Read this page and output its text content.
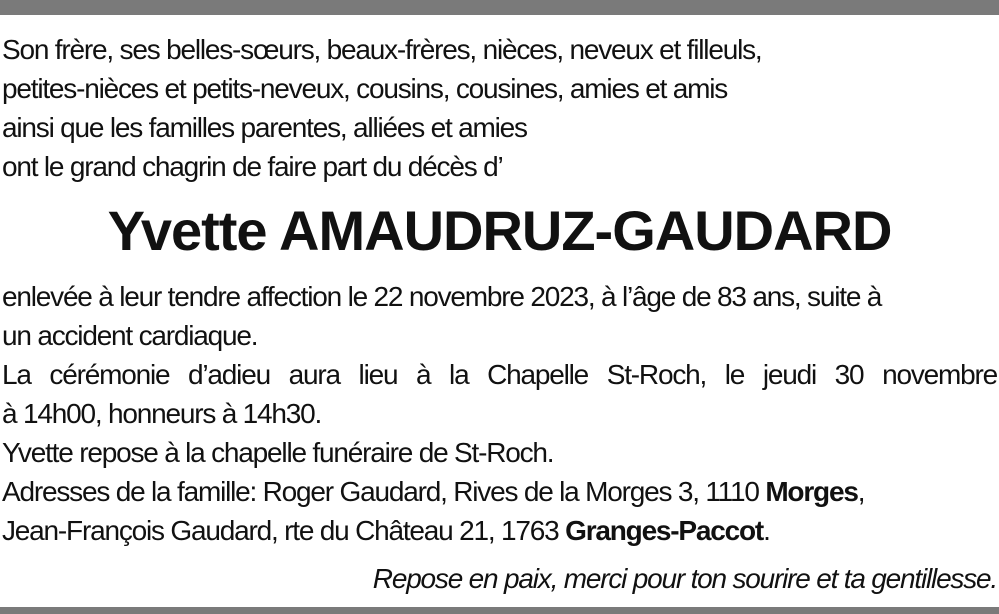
Son frère, ses belles-sœurs, beaux-frères, nièces, neveux et filleuls,
petites-nièces et petits-neveux, cousins, cousines, amies et amis
ainsi que les familles parentes, alliées et amies
ont le grand chagrin de faire part du décès d’
Yvette AMAUDRUZ-GAUDARD
enlevée à leur tendre affection le 22 novembre 2023, à l’âge de 83 ans, suite à
un accident cardiaque.
La cérémonie d’adieu aura lieu à la Chapelle St-Roch, le jeudi 30 novembre
à 14h00, honneurs à 14h30.
Yvette repose à la chapelle funéraire de St-Roch.
Adresses de la famille: Roger Gaudard, Rives de la Morges 3, 1110 Morges,
Jean-François Gaudard, rte du Château 21, 1763 Granges-Paccot.
Repose en paix, merci pour ton sourire et ta gentillesse.
